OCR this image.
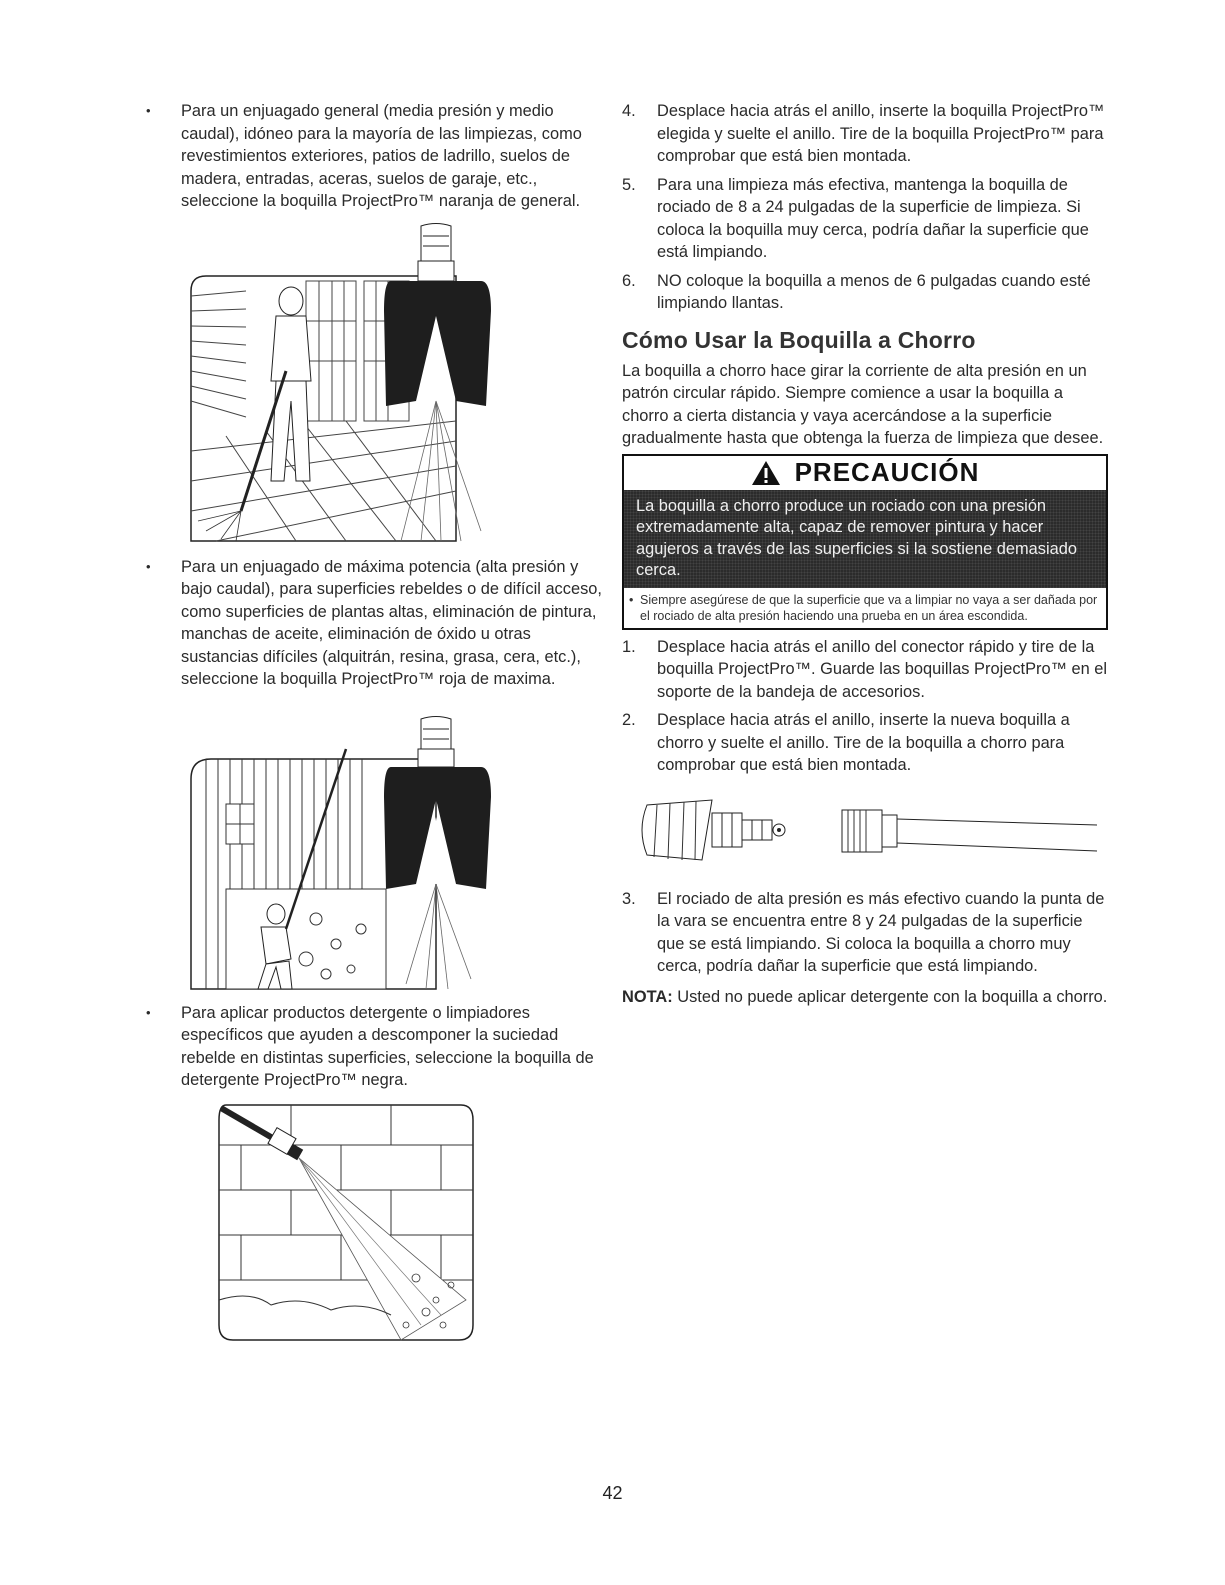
• Para un enjuagado general (media presión y medio caudal), idóneo para la mayoría de las limpiezas, como revestimientos exteriores, patios de ladrillo, suelos de madera, entradas, aceras, suelos de garaje, etc., seleccione la boquilla ProjectPro™ naranja de general.
• Para un enjuagado de máxima potencia (alta presión y bajo caudal), para superficies rebeldes o de difícil acceso, como superficies de plantas altas, eliminación de pintura, manchas de aceite, eliminación de óxido u otras sustancias difíciles (alquitrán, resina, grasa, cera, etc.), seleccione la boquilla ProjectPro™ roja de maxima.
• Para aplicar productos detergente o limpiadores específicos que ayuden a descomponer la suciedad rebelde en distintas superficies, seleccione la boquilla de detergente ProjectPro™ negra.
4. Desplace hacia atrás el anillo, inserte la boquilla ProjectPro™ elegida y suelte el anillo. Tire de la boquilla ProjectPro™ para comprobar que está bien montada.
5. Para una limpieza más efectiva, mantenga la boquilla de rociado de 8 a 24 pulgadas de la superficie de limpieza. Si coloca la boquilla muy cerca, podría dañar la superficie que está limpiando.
6. NO coloque la boquilla a menos de 6 pulgadas cuando esté limpiando llantas.
Cómo Usar la Boquilla a Chorro

La boquilla a chorro hace girar la corriente de alta presión en un patrón circular rápido. Siempre comience a usar la boquilla a chorro a cierta distancia y vaya acercándose a la superficie gradualmente hasta que obtenga la fuerza de limpieza que desee.

PRECAUCIÓN
La boquilla a chorro produce un rociado con una presión extremadamente alta, capaz de remover pintura y hacer agujeros a través de las superficies si la sostiene demasiado cerca.
• Siempre asegúrese de que la superficie que va a limpiar no vaya a ser dañada por el rociado de alta presión haciendo una prueba en un área escondida.
1. Desplace hacia atrás el anillo del conector rápido y tire de la boquilla ProjectPro™. Guarde las boquillas ProjectPro™ en el soporte de la bandeja de accesorios.
2. Desplace hacia atrás el anillo, inserte la nueva boquilla a chorro y suelte el anillo. Tire de la boquilla a chorro para comprobar que está bien montada.
3. El rociado de alta presión es más efectivo cuando la punta de la vara se encuentra entre 8 y 24 pulgadas de la superficie que se está limpiando. Si coloca la boquilla a chorro muy cerca, podría dañar la superficie que está limpiando.
NOTA: Usted no puede aplicar detergente con la boquilla a chorro.
42
